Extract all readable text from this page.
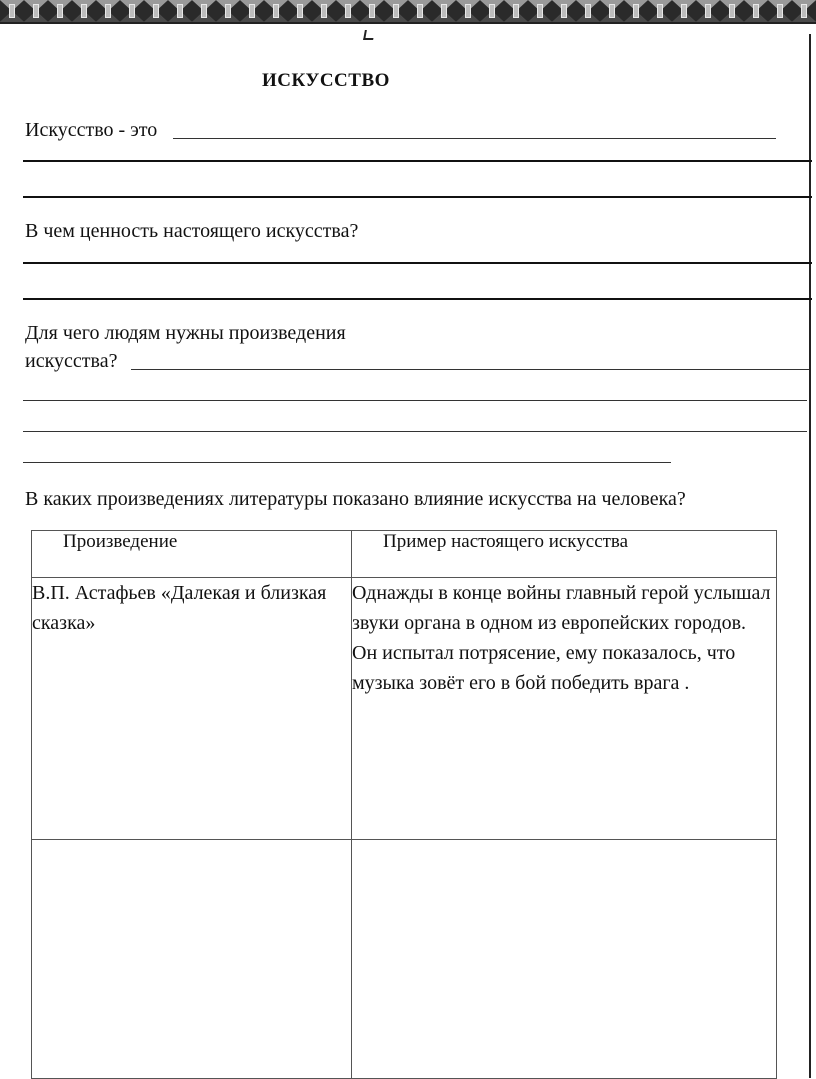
ИСКУССТВО
Искусство - это
В чем ценность настоящего искусства?
Для чего людям нужны произведения
искусства?
В каких произведениях литературы показано влияние искусства на человека?
Произведение	Пример настоящего искусства
В.П. Астафьев «Далекая и близкая сказка»	Однажды в конце войны главный герой услышал звуки органа в одном из европейских городов. Он испытал потрясение, ему показалось, что музыка зовёт его в бой победить врага .
